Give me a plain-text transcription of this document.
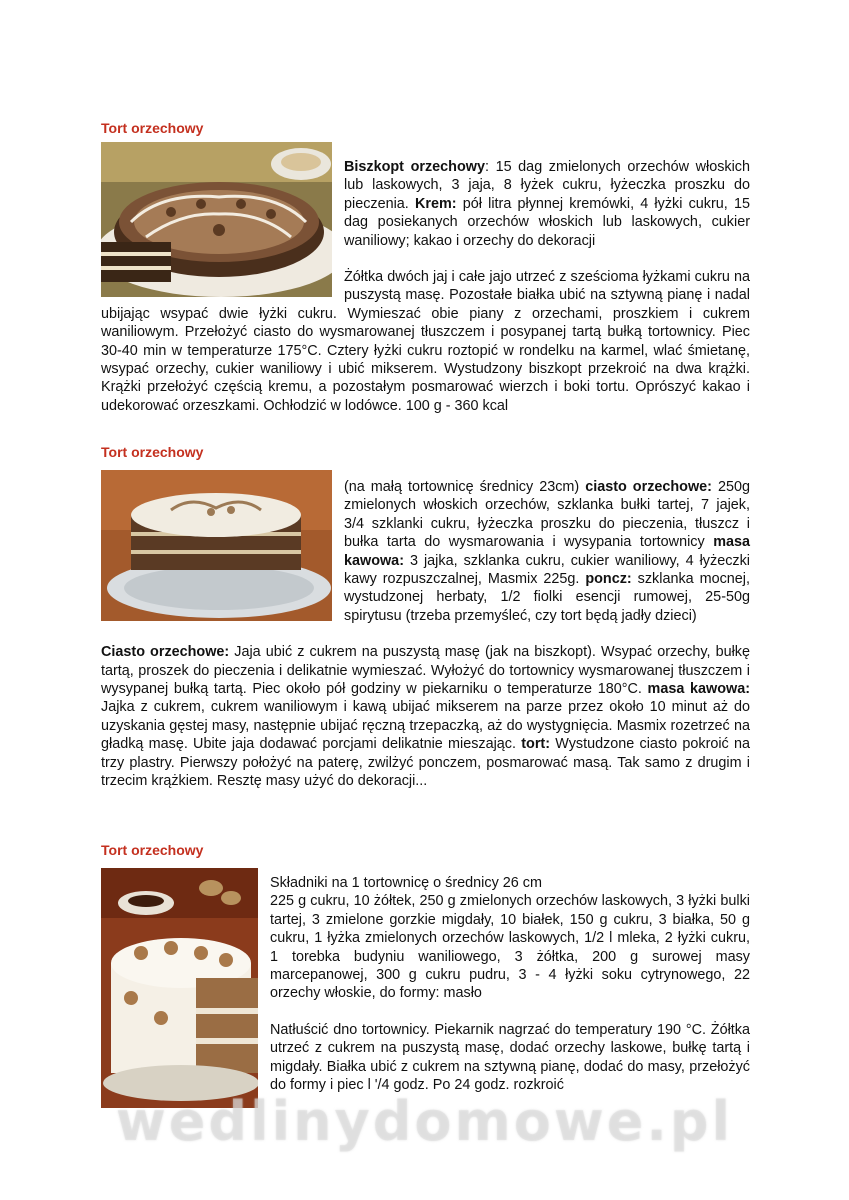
Tort orzechowy

Biszkopt orzechowy: 15 dag zmielonych orzechów włoskich lub laskowych, 3 jaja, 8 łyżek cukru, łyżeczka proszku do pieczenia. Krem: pół litra płynnej kremówki, 4 łyżki cukru, 15 dag posiekanych orzechów włoskich lub laskowych, cukier waniliowy; kakao i orzechy do dekoracji

Żółtka dwóch jaj i całe jajo utrzeć z sześcioma łyżkami cukru na puszystą masę. Pozostałe białka ubić na sztywną pianę i nadal ubijając wsypać dwie łyżki cukru. Wymieszać obie piany z orzechami, proszkiem i cukrem waniliowym. Przełożyć ciasto do wysmarowanej tłuszczem i posypanej tartą bułką tortownicy. Piec 30-40 min w temperaturze 175°C. Cztery łyżki cukru roztopić w rondelku na karmel, wlać śmietanę, wsypać orzechy, cukier waniliowy i ubić mikserem. Wystudzony biszkopt przekroić na dwa krążki. Krążki przełożyć częścią kremu, a pozostałym posmarować wierzch i boki tortu. Oprószyć kakao i udekorować orzeszkami. Ochłodzić w lodówce. 100 g - 360 kcal

Tort orzechowy

(na małą tortownicę średnicy 23cm) ciasto orzechowe: 250g zmielonych włoskich orzechów, szklanka bułki tartej, 7 jajek, 3/4 szklanki cukru, łyżeczka proszku do pieczenia, tłuszcz i bułka tarta do wysmarowania i wysypania tortownicy masa kawowa: 3 jajka, szklanka cukru, cukier waniliowy, 4 łyżeczki kawy rozpuszczalnej, Masmix 225g. poncz: szklanka mocnej, wystudzonej herbaty, 1/2 fiolki esencji rumowej, 25-50g spirytusu (trzeba przemyśleć, czy tort będą jadły dzieci)

Ciasto orzechowe: Jaja ubić z cukrem na puszystą masę (jak na biszkopt). Wsypać orzechy, bułkę tartą, proszek do pieczenia i delikatnie wymieszać. Wyłożyć do tortownicy wysmarowanej tłuszczem i wysypanej bułką tartą. Piec około pół godziny w piekarniku o temperaturze 180°C. masa kawowa: Jajka z cukrem, cukrem waniliowym i kawą ubijać mikserem na parze przez około 10 minut aż do uzyskania gęstej masy, następnie ubijać ręczną trzepaczką, aż do wystygnięcia. Masmix rozetrzeć na gładką masę. Ubite jaja dodawać porcjami delikatnie mieszając. tort: Wystudzone ciasto pokroić na trzy plastry. Pierwszy położyć na paterę, zwilżyć ponczem, posmarować masą. Tak samo z drugim i trzecim krążkiem. Resztę masy użyć do dekoracji...

Tort orzechowy

Składniki na 1 tortownicę o średnicy 26 cm
225 g cukru, 10 żółtek, 250 g zmielonych orzechów laskowych, 3 łyżki bulki tartej, 3 zmielone gorzkie migdały, 10 białek, 150 g cukru, 3 białka, 50 g cukru, 1 łyżka zmielonych orzechów laskowych, 1/2 l mleka, 2 łyżki cukru, 1 torebka budyniu waniliowego, 3 żółtka, 200 g surowej masy marcepanowej, 300 g cukru pudru, 3 - 4 łyżki soku cytrynowego, 22 orzechy włoskie, do formy: masło

Natłuścić dno tortownicy. Piekarnik nagrzać do temperatury 190 °C. Żółtka utrzeć z cukrem na puszystą masę, dodać orzechy laskowe, bułkę tartą i migdały. Białka ubić z cukrem na sztywną pianę, dodać do masy, przełożyć do formy i piec l '/4 godz. Po 24 godz. rozkroić

wedlinydomowe.pl
